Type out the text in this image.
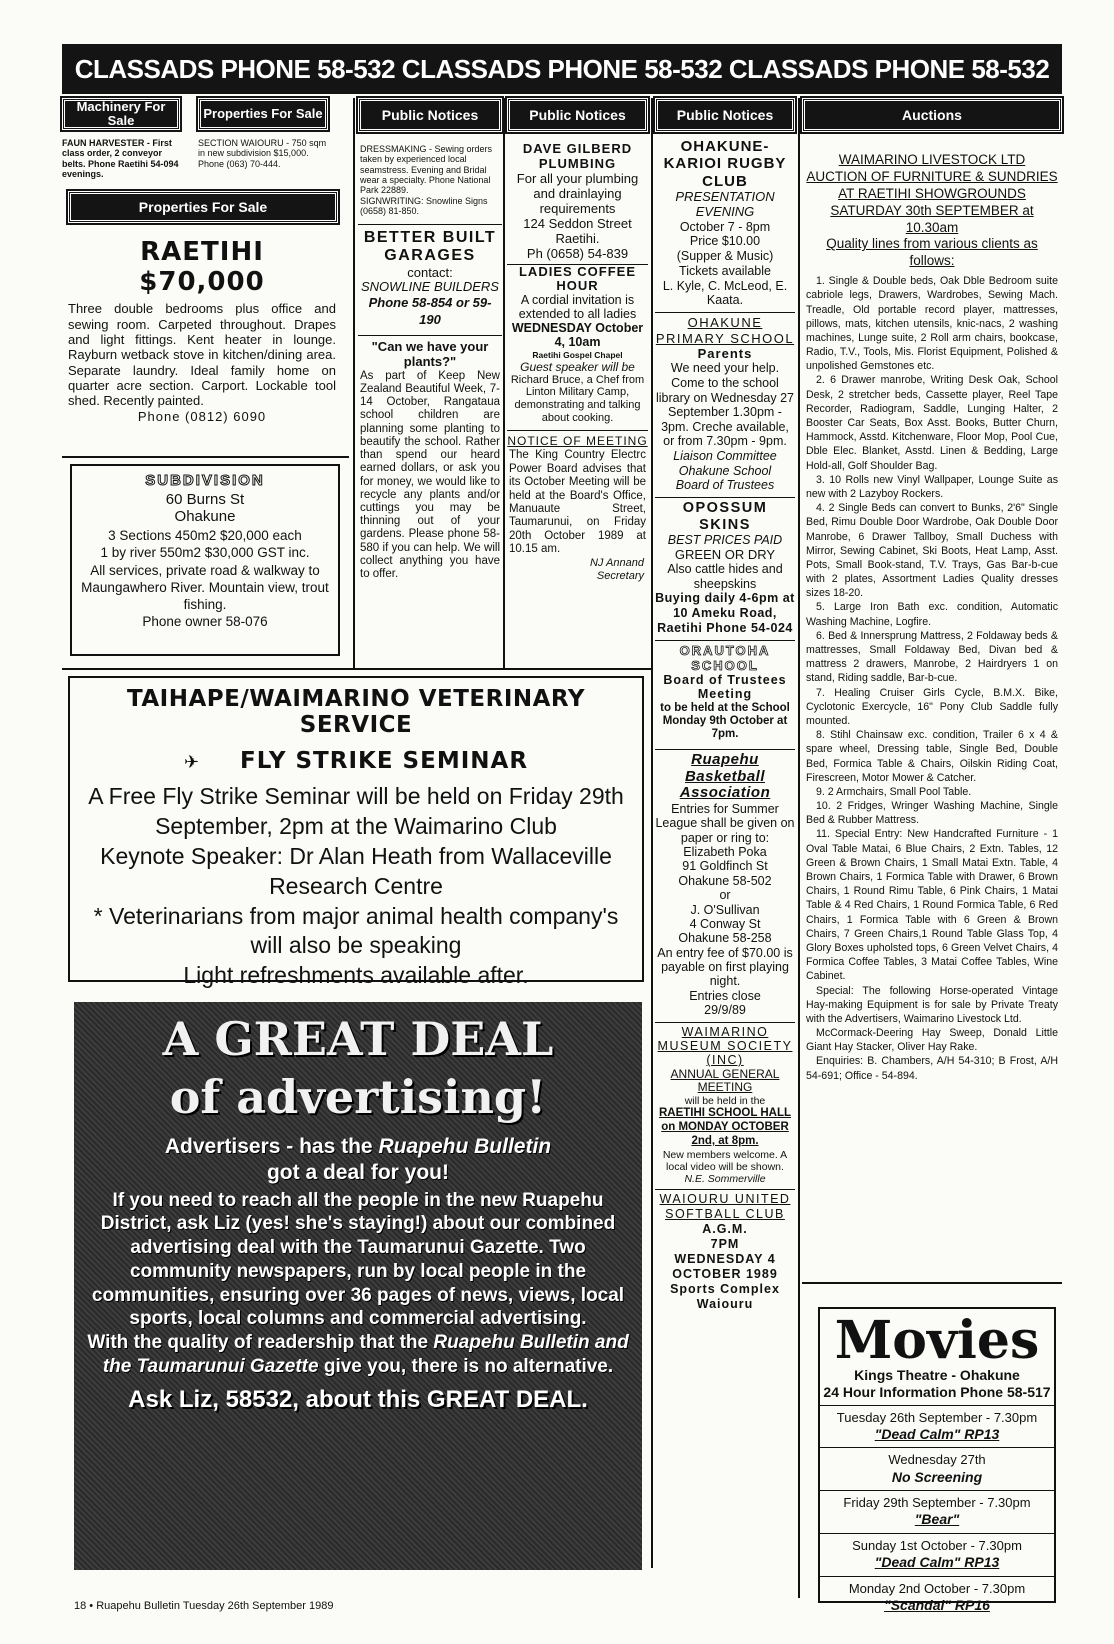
CLASSADS PHONE 58-532 CLASSADS PHONE 58-532 CLASSADS PHONE 58-532
Machinery For Sale

FAUN HARVESTER - First class order, 2 conveyor belts. Phone Raetihi 54-094 evenings.

Properties For Sale

SECTION WAIOURU - 750 sqm in new subdivision $15,000. Phone (063) 70-444.

Properties For Sale
RAETIHI
$70,000

Three double bedrooms plus office and sewing room. Carpeted throughout. Drapes and light fittings. Kent heater in lounge. Rayburn wetback stove in kitchen/dining area. Separate laundry. Ideal family home on quarter acre section. Carport. Lockable tool shed. Recently painted.

Phone (0812) 6090

SUBDIVISION
60 Burns St
Ohakune

3 Sections 450m2 $20,000 each
1 by river 550m2 $30,000 GST inc.
All services, private road & walkway to Maungawhero River. Mountain view, trout fishing.
Phone owner 58-076

Public Notices

DRESSMAKING - Sewing orders taken by experienced local seamstress. Evening and Bridal wear a specialty. Phone National Park 22889.

SIGNWRITING: Snowline Signs (0658) 81-850.

BETTER BUILT GARAGES
contact:
SNOWLINE BUILDERS
Phone 58-854 or 59-190
"Can we have your plants?"

As part of Keep New Zealand Beautiful Week, 7-14 October, Rangataua school children are planning some planting to beautify the school. Rather than spend our heard earned dollars, or ask you for money, we would like to recycle any plants and/or cuttings you may be thinning out of your gardens. Please phone 58-580 if you can help. We will collect anything you have to offer.

Public Notices
DAVE GILBERD PLUMBING

For all your plumbing and drainlaying requirements
124 Seddon Street Raetihi.
Ph (0658) 54-839

LADIES COFFEE HOUR

A cordial invitation is extended to all ladies

WEDNESDAY October 4, 10am

Raetihi Gospel Chapel

Guest speaker will be

Richard Bruce, a Chef from Linton Military Camp, demonstrating and talking about cooking.

NOTICE OF MEETING

The King Country Electrc Power Board advises that its October Meeting will be held at the Board's Office, Manuaute Street, Taumarunui, on Friday 20th October 1989 at 10.15 am.

NJ Annand
Secretary

Public Notices
OHAKUNE-KARIOI RUGBY CLUB
PRESENTATION EVENING

October 7 - 8pm
Price $10.00
(Supper & Music)
Tickets available
L. Kyle, C. McLeod, E. Kaata.

OHAKUNE PRIMARY SCHOOL
Parents

We need your help. Come to the school library on Wednesday 27 September 1.30pm - 3pm. Creche available, or from 7.30pm - 9pm.

Liaison Committee
Ohakune School
Board of Trustees

OPOSSUM SKINS
BEST PRICES PAID
GREEN OR DRY

Also cattle hides and sheepskins

Buying daily 4-6pm at 10 Ameku Road, Raetihi Phone 54-024

ORAUTOHA SCHOOL
Board of Trustees Meeting

to be held at the School Monday 9th October at 7pm.

Ruapehu Basketball Association

Entries for Summer League shall be given on paper or ring to:
Elizabeth Poka
91 Goldfinch St
Ohakune 58-502
or
J. O'Sullivan
4 Conway St
Ohakune 58-258
An entry fee of $70.00 is payable on first playing night.
Entries close
29/9/89

WAIMARINO MUSEUM SOCIETY (INC)
ANNUAL GENERAL MEETING

will be held in the

RAETIHI SCHOOL HALL on MONDAY OCTOBER 2nd, at 8pm.

New members welcome. A local video will be shown.

N.E. Sommerville

WAIOURU UNITED SOFTBALL CLUB

A.G.M.
7PM
WEDNESDAY 4 OCTOBER 1989
Sports Complex Waiouru

Auctions
WAIMARINO LIVESTOCK LTD
AUCTION OF FURNITURE & SUNDRIES AT RAETIHI SHOWGROUNDS
SATURDAY 30th SEPTEMBER at 10.30am
Quality lines from various clients as follows:

1. Single & Double beds, Oak Dble Bedroom suite cabriole legs, Drawers, Wardrobes, Sewing Mach. Treadle, Old portable record player, mattresses, pillows, mats, kitchen utensils, knic-nacs, 2 washing machines, Lunge suite, 2 Roll arm chairs, bookcase, Radio, T.V., Tools, Mis. Florist Equipment, Polished & unpolished Gemstones etc.

2. 6 Drawer manrobe, Writing Desk Oak, School Desk, 2 stretcher beds, Cassette player, Reel Tape Recorder, Radiogram, Saddle, Lunging Halter, 2 Booster Car Seats, Box Asst. Books, Butter Churn, Hammock, Asstd. Kitchenware, Floor Mop, Pool Cue, Dble Elec. Blanket, Asstd. Linen & Bedding, Large Hold-all, Golf Shoulder Bag.

3. 10 Rolls new Vinyl Wallpaper, Lounge Suite as new with 2 Lazyboy Rockers.

4. 2 Single Beds can convert to Bunks, 2'6" Single Bed, Rimu Double Door Wardrobe, Oak Double Door Manrobe, 6 Drawer Tallboy, Small Duchess with Mirror, Sewing Cabinet, Ski Boots, Heat Lamp, Asst. Pots, Small Book-stand, T.V. Trays, Gas Bar-b-cue with 2 plates, Assortment Ladies Quality dresses sizes 18-20.

5. Large Iron Bath exc. condition, Automatic Washing Machine, Logfire.

6. Bed & Innersprung Mattress, 2 Foldaway beds & mattresses, Small Foldaway Bed, Divan bed & mattress 2 drawers, Manrobe, 2 Hairdryers 1 on stand, Riding saddle, Bar-b-cue.

7. Healing Cruiser Girls Cycle, B.M.X. Bike, Cyclotonic Exercycle, 16" Pony Club Saddle fully mounted.

8. Stihl Chainsaw exc. condition, Trailer 6 x 4 & spare wheel, Dressing table, Single Bed, Double Bed, Formica Table & Chairs, Oilskin Riding Coat, Firescreen, Motor Mower & Catcher.

9. 2 Armchairs, Small Pool Table.

10. 2 Fridges, Wringer Washing Machine, Single Bed & Rubber Mattress.

11. Special Entry: New Handcrafted Furniture - 1 Oval Table Matai, 6 Blue Chairs, 2 Extn. Tables, 12 Green & Brown Chairs, 1 Small Matai Extn. Table, 4 Brown Chairs, 1 Formica Table with Drawer, 6 Brown Chairs, 1 Round Rimu Table, 6 Pink Chairs, 1 Matai Table & 4 Red Chairs, 1 Round Formica Table, 6 Red Chairs, 1 Formica Table with 6 Green & Brown Chairs, 7 Green Chairs,1 Round Table Glass Top, 4 Glory Boxes upholsted tops, 6 Green Velvet Chairs, 4 Formica Coffee Tables, 3 Matai Coffee Tables, Wine Cabinet.

Special: The following Horse-operated Vintage Hay-making Equipment is for sale by Private Treaty with the Advertisers, Waimarino Livestock Ltd.

McCormack-Deering Hay Sweep, Donald Little Giant Hay Stacker, Oliver Hay Rake.

Enquiries: B. Chambers, A/H 54-310; B Frost, A/H 54-691; Office - 54-894.

TAIHAPE/WAIMARINO VETERINARY SERVICE
✈ FLY STRIKE SEMINAR
A Free Fly Strike Seminar will be held on Friday 29th September, 2pm at the Waimarino Club
Keynote Speaker: Dr Alan Heath from Wallaceville Research Centre
* Veterinarians from major animal health company's will also be speaking
Light refreshments available after.
A GREAT DEAL
of advertising!
Advertisers - has the Ruapehu Bulletin
got a deal for you!
If you need to reach all the people in the new Ruapehu District, ask Liz (yes! she's staying!) about our combined advertising deal with the Taumarunui Gazette. Two community newspapers, run by local people in the communities, ensuring over 36 pages of news, views, local sports, local columns and commercial advertising.
With the quality of readership that the Ruapehu Bulletin and the Taumarunui Gazette give you, there is no alternative.
Ask Liz, 58532, about this GREAT DEAL.
Movies
Kings Theatre - Ohakune
24 Hour Information Phone 58-517
Tuesday 26th September - 7.30pm
"Dead Calm" RP13
Wednesday 27th
No Screening
Friday 29th September - 7.30pm
"Bear"
Sunday 1st October - 7.30pm
"Dead Calm" RP13
Monday 2nd October - 7.30pm
"Scandal" RP16
18 • Ruapehu Bulletin Tuesday 26th September 1989
